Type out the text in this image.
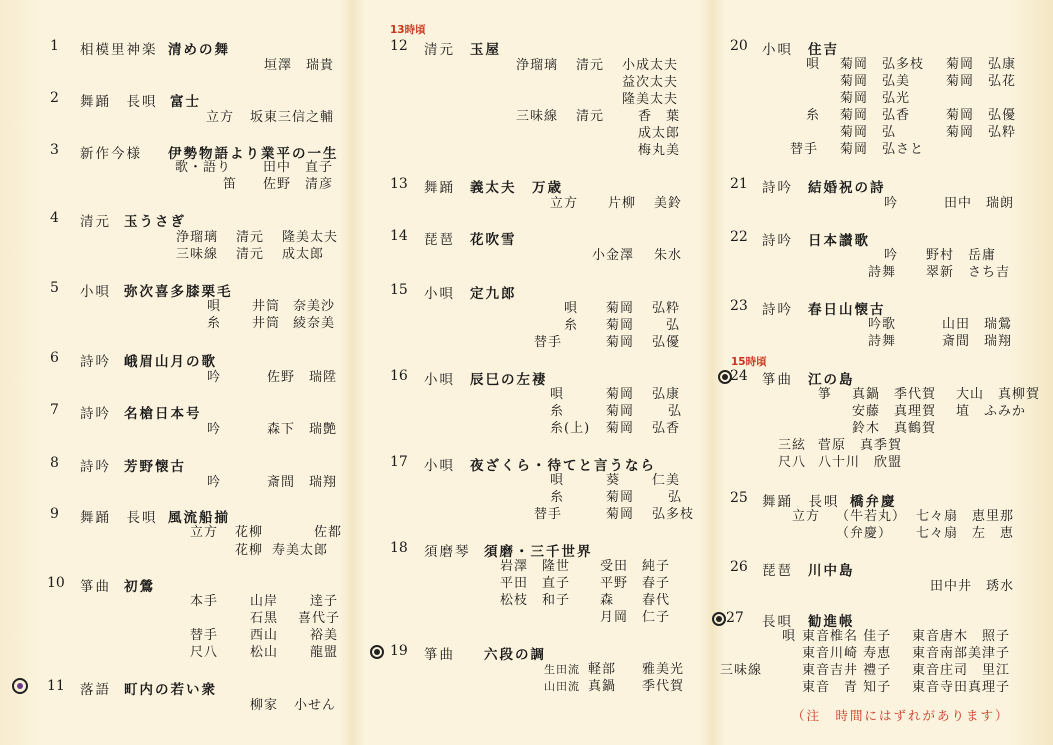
1 相模里神楽 清めの舞
垣澤　瑞貴
2 舞踊　長唄 富士
立方 坂東三信之輔
3 新作今様 伊勢物語より業平の一生
歌・語り 田中　直子
笛 佐野　清彦
4 清元 玉うさぎ
浄瑠璃 清元 隆美太夫
三味線 清元 成太郎
5 小唄 弥次喜多膝栗毛
唄 井筒 奈美沙
糸 井筒 綾奈美
6 詩吟 峨眉山月の歌
吟	佐野 瑞陞
7 詩吟 名槍日本号
吟	森下 瑞艶
8 詩吟 芳野懐古
吟	斎間 瑞翔
9 舞踊　長唄 風流船揃
立方 花柳	佐都
花柳 寿美太郎
10 箏曲 初鶯
本手 山岸 逹子
石黒 喜代子
替手 西山 裕美
尺八 松山 龍盟
11 落語 町内の若い衆
柳家 小せん
13時頃
12 清元 玉屋
浄瑠璃 清元 小成太夫
益次太夫
隆美太夫
三味線 清元	香　葉
成太郎
梅丸美
13 舞踊 義太夫　万歳
立方 片柳 美鈴
14 琵琶 花吹雪
小金澤 朱水
15 小唄 定九郎
唄 菊岡 弘粋
糸 菊岡 弘
替手	菊岡 弘優
16 小唄 辰巳の左褄
唄	菊岡 弘康
糸	菊岡	弘
糸(上) 菊岡 弘香
17 小唄 夜ざくら・待てと言うなら
唄	葵 仁美
糸	菊岡	弘
替手	菊岡 弘多枝
18 須磨琴 須磨・三千世界
岩澤　隆世 受田　純子
平田　直子 平野　春子
松枝　和子 森　　春代
月岡　仁子
19 箏曲 六段の調
生田流 軽部 雅美光
山田流 真鍋 季代賀
15時頃
20 小唄 住吉
唄 菊岡　弘多枝 菊岡　弘康
菊岡　弘美	菊岡　弘花
菊岡　弘光
糸 菊岡　弘香	菊岡　弘優
菊岡　弘	菊岡　弘粋
替手 菊岡　弘さと
21 詩吟 結婚祝の詩
吟	田中　瑞朗
22 詩吟 日本讃歌
吟 野村　岳庸
詩舞 翠新　さち吉
23 詩吟 春日山懐古
吟歌	山田　瑞鶯
詩舞	斎間　瑞翔
24 箏曲 江の島
箏 真鍋　季代賀 大山　真柳賀
安藤　真理賀 埴　ふみか
鈴木　真鶴賀
三絃 菅原　真季賀
尺八 八十川　欣盟
25 舞踊　長唄 橋弁慶
立方 （牛若丸） 七々扇　恵里那
（弁慶） 七々扇　左　恵
26 琵琶 川中島
田中井　琇水
27 長唄 勧進帳
唄 東音椎名 佳子 東音唐木　照子
東音川崎 寿恵 東音南部美津子
三味線	東音吉井 禮子 東音庄司　里江
東音　青 知子 東音寺田真理子
（注　時間にはずれがあります）
